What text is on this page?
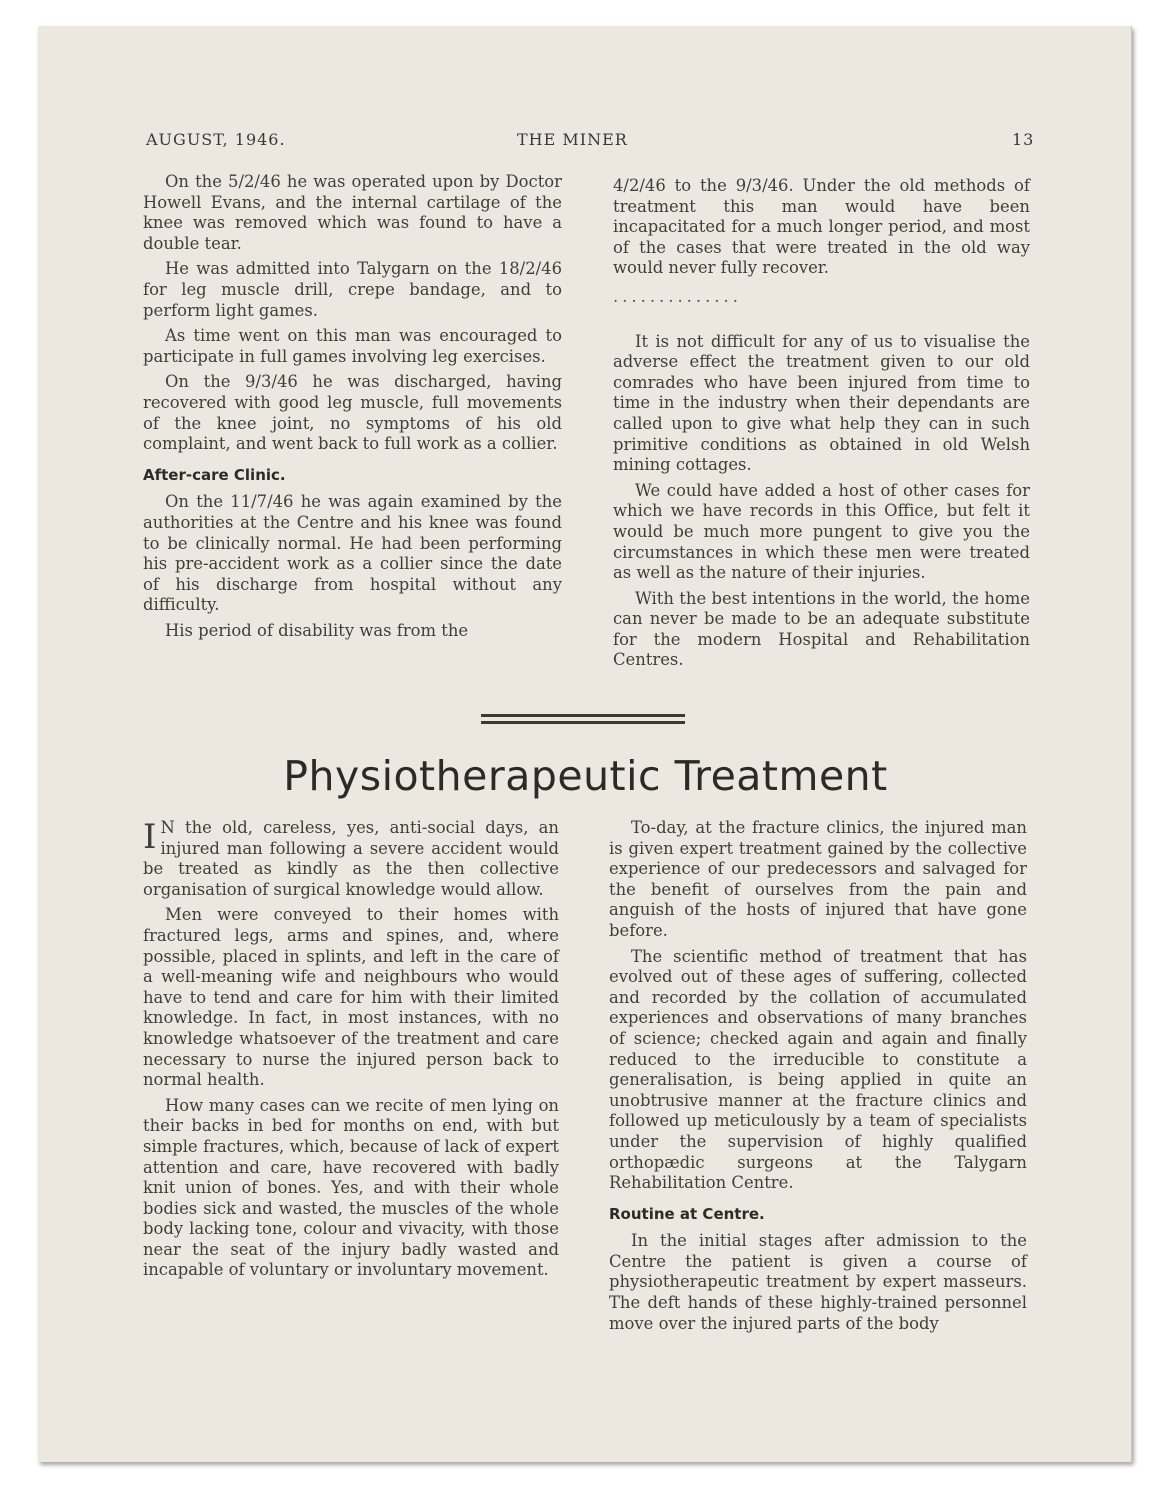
AUGUST, 1946.	THE MINER	13

On the 5/2/46 he was operated upon by Doctor Howell Evans, and the internal cartilage of the knee was removed which was found to have a double tear.

He was admitted into Talygarn on the 18/2/46 for leg muscle drill, crepe bandage, and to perform light games.

As time went on this man was encouraged to participate in full games involving leg exercises.

On the 9/3/46 he was discharged, having recovered with good leg muscle, full movements of the knee joint, no symptoms of his old complaint, and went back to full work as a collier.

After-care Clinic.

On the 11/7/46 he was again examined by the authorities at the Centre and his knee was found to be clinically normal. He had been performing his pre-accident work as a collier since the date of his discharge from hospital without any difficulty.

His period of disability was from the

4/2/46 to the 9/3/46. Under the old methods of treatment this man would have been incapacitated for a much longer period, and most of the cases that were treated in the old way would never fully recover.

..............

It is not difficult for any of us to visualise the adverse effect the treatment given to our old comrades who have been injured from time to time in the industry when their dependants are called upon to give what help they can in such primitive conditions as obtained in old Welsh mining cottages.

We could have added a host of other cases for which we have records in this Office, but felt it would be much more pungent to give you the circumstances in which these men were treated as well as the nature of their injuries.

With the best intentions in the world, the home can never be made to be an adequate substitute for the modern Hospital and Rehabilitation Centres.

Physiotherapeutic Treatment

I N the old, careless, yes, anti-social days, an injured man following a severe accident would be treated as kindly as the then collective organisation of surgical knowledge would allow.

Men were conveyed to their homes with fractured legs, arms and spines, and, where possible, placed in splints, and left in the care of a well-meaning wife and neighbours who would have to tend and care for him with their limited knowledge. In fact, in most instances, with no knowledge whatsoever of the treatment and care necessary to nurse the injured person back to normal health.

How many cases can we recite of men lying on their backs in bed for months on end, with but simple fractures, which, because of lack of expert attention and care, have recovered with badly knit union of bones. Yes, and with their whole bodies sick and wasted, the muscles of the whole body lacking tone, colour and vivacity, with those near the seat of the injury badly wasted and incapable of voluntary or involuntary movement.

To-day, at the fracture clinics, the injured man is given expert treatment gained by the collective experience of our predecessors and salvaged for the benefit of ourselves from the pain and anguish of the hosts of injured that have gone before.

The scientific method of treatment that has evolved out of these ages of suffering, collected and recorded by the collation of accumulated experiences and observations of many branches of science; checked again and again and finally reduced to the irreducible to constitute a generalisation, is being applied in quite an unobtrusive manner at the fracture clinics and followed up meticulously by a team of specialists under the supervision of highly qualified orthopædic surgeons at the Talygarn Rehabilitation Centre.

Routine at Centre.

In the initial stages after admission to the Centre the patient is given a course of physiotherapeutic treatment by expert masseurs. The deft hands of these highly-trained personnel move over the injured parts of the body
